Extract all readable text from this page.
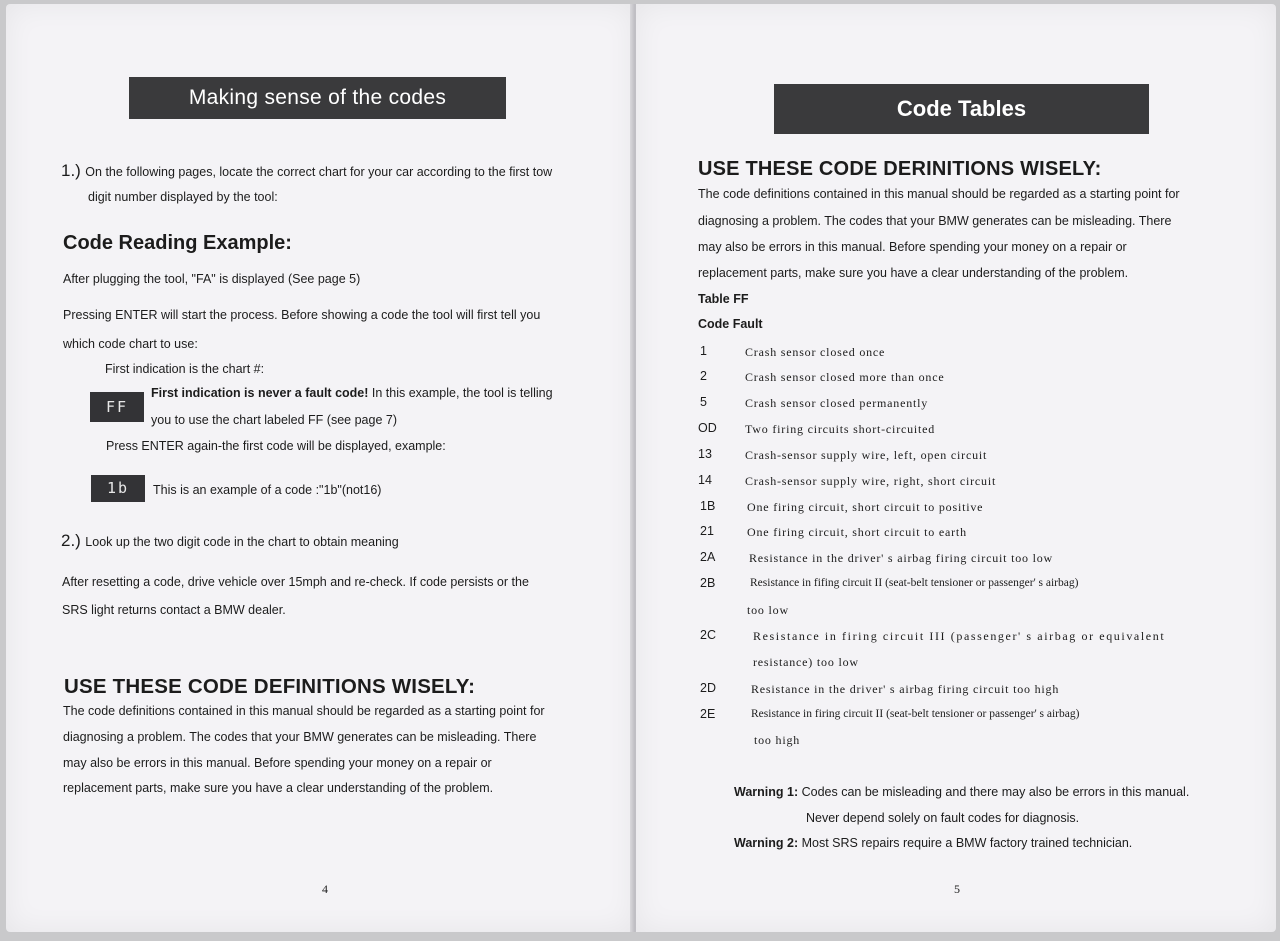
Making sense of the codes
1.) On the following pages, locate the correct chart for your car according to the first tow
digit number displayed by the tool:
Code Reading Example:
After plugging the tool, "FA" is displayed (See page 5)
Pressing ENTER will start the process. Before showing a code the tool will first tell you
which code chart to use:
First indication is the chart #:
FF
First indication is never a fault code! In this example, the tool is telling
you to use the chart labeled FF (see page 7)
Press ENTER again-the first code will be displayed, example:
1b	This is an example of a code :"1b"(not16)
2.) Look up the two digit code in the chart to obtain meaning
After resetting a code, drive vehicle over 15mph and re-check. If code persists or the
SRS light returns contact a BMW dealer.
USE THESE CODE DEFINITIONS WISELY:
The code definitions contained in this manual should be regarded as a starting point for
diagnosing a problem. The codes that your BMW generates can be misleading. There
may also be errors in this manual. Before spending your money on a repair or
replacement parts, make sure you have a clear understanding of the problem.
4
Code Tables
USE THESE CODE DERINITIONS WISELY:
The code definitions contained in this manual should be regarded as a starting point for
diagnosing a problem. The codes that your BMW generates can be misleading. There
may also be errors in this manual. Before spending your money on a repair or
replacement parts, make sure you have a clear understanding of the problem.
Table FF
Code Fault
1	Crash sensor closed once
2	Crash sensor closed more than once
5	Crash sensor closed permanently
OD Two firing circuits short-circuited
13	Crash-sensor supply wire, left, open circuit
14	Crash-sensor supply wire, right, short circuit
1B	One firing circuit, short circuit to positive
21	One firing circuit, short circuit to earth
2A	Resistance in the driver' s airbag firing circuit too low
2B	Resistance in fifing circuit II (seat-belt tensioner or passenger' s airbag)
too low
2C	Resistance in firing circuit III (passenger' s airbag or equivalent
resistance) too low
2D	Resistance in the driver' s airbag firing circuit too high
2E	Resistance in firing circuit II (seat-belt tensioner or passenger' s airbag)
too high
Warning 1: Codes can be misleading and there may also be errors in this manual.
Never depend solely on fault codes for diagnosis.
Warning 2: Most SRS repairs require a BMW factory trained technician.
5
